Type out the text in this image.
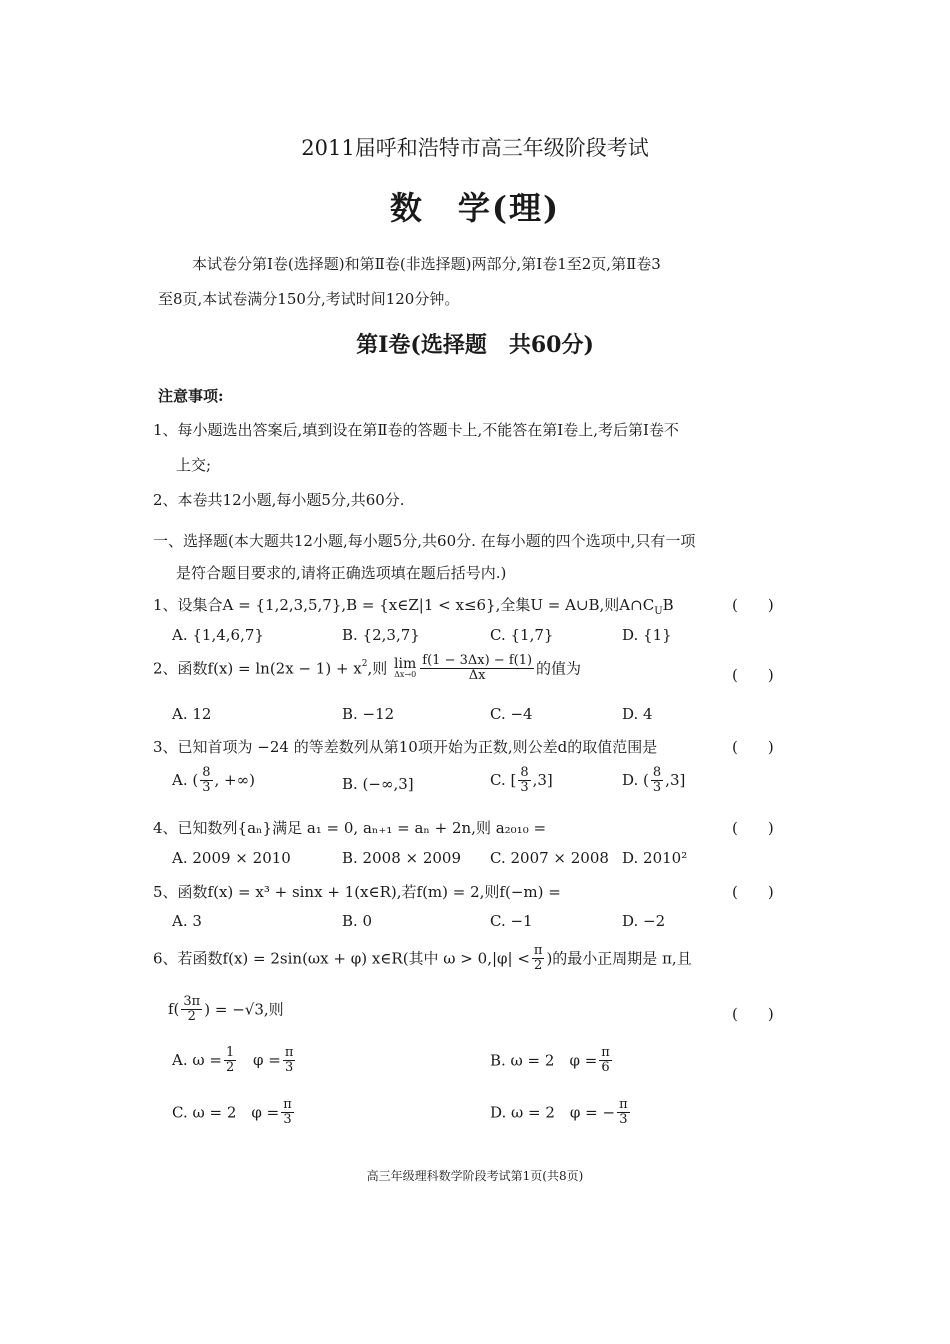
2011届呼和浩特市高三年级阶段考试
数　学(理)
本试卷分第Ⅰ卷(选择题)和第Ⅱ卷(非选择题)两部分,第Ⅰ卷1至2页,第Ⅱ卷3
至8页,本试卷满分150分,考试时间120分钟。
第Ⅰ卷(选择题　共60分)
注意事项:
1、每小题选出答案后,填到设在第Ⅱ卷的答题卡上,不能答在第Ⅰ卷上,考后第Ⅰ卷不
上交;
2、本卷共12小题,每小题5分,共60分.
一、选择题(本大题共12小题,每小题5分,共60分. 在每小题的四个选项中,只有一项
是符合题目要求的,请将正确选项填在题后括号内.)
1、设集合A = {1,2,3,5,7},B = {x∈Z|1 < x≤6},全集U = A∪B,则$A\cap C_UB$	(　　)
A. {1,4,6,7}	B. {2,3,7}	C. {1,7}	D. {1}
2、函数$f(x) = \ln(2x - 1) + x^2$,则 lim
$\Delta x\to 0 \frac{f(1 - 3\Delta x) - f(1)}{\Delta x}$ 的值为	(　　)
A. 12	B. −12	C. −4	D. 4
3、已知首项为 −24 的等差数列从第10项开始为正数,则公差d的取值范围是	(　　)
A. ( $\frac{8}{3}$ , +∞)	B. (−∞,3]	C. [ $\frac{8}{3} ,3$]	D. ( $\frac{8}{3} ,3$]
4、已知数列{aₙ}满足 a₁ = 0, aₙ₊₁ = aₙ + 2n,则 a₂₀₁₀ =	(　　)
A. 2009 × 2010	B. 2008 × 2009 C. 2007 × 2008 D. 2010²
5、函数f(x) = x³ + sinx + 1(x∈R),若f(m) = 2,则f(−m) =	(　　)
A. 3	B. 0	C. −1	D. −2
6、若函数f(x) = 2sin(ωx + φ) x∈R(其中 $\omega > 0,|\varphi| < \frac{\pi}{2}$ )的最小正周期是 π,且
$f( \frac{3\pi}{2}$ ) = −√3,则	(　　)
A. $\omega = \frac{1}{2}$ $\varphi = \frac{\pi}{3}$	B. ω = 2　$\varphi = \frac{\pi}{6}$
C. ω = 2　$\varphi = \frac{\pi}{3}$	D. ω = 2　φ = − $\frac{\pi}{3}$
高三年级理科数学阶段考试第1页(共8页)
